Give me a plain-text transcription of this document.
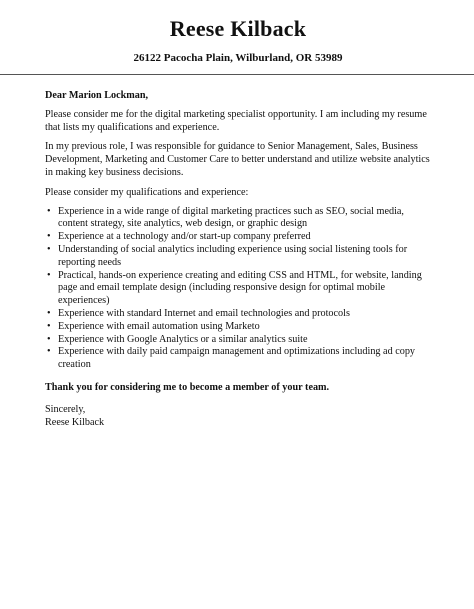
Reese Kilback
26122 Pacocha Plain, Wilburland, OR 53989

Dear Marion Lockman,

Please consider me for the digital marketing specialist opportunity. I am including my resume that lists my qualifications and experience.

In my previous role, I was responsible for guidance to Senior Management, Sales, Business Development, Marketing and Customer Care to better understand and utilize website analytics in making key business decisions.

Please consider my qualifications and experience:

• Experience in a wide range of digital marketing practices such as SEO, social media, content strategy, site analytics, web design, or graphic design
• Experience at a technology and/or start-up company preferred
• Understanding of social analytics including experience using social listening tools for reporting needs
• Practical, hands-on experience creating and editing CSS and HTML, for website, landing page and email template design (including responsive design for optimal mobile experiences)
• Experience with standard Internet and email technologies and protocols
• Experience with email automation using Marketo
• Experience with Google Analytics or a similar analytics suite
• Experience with daily paid campaign management and optimizations including ad copy creation

Thank you for considering me to become a member of your team.

Sincerely,

Reese Kilback
